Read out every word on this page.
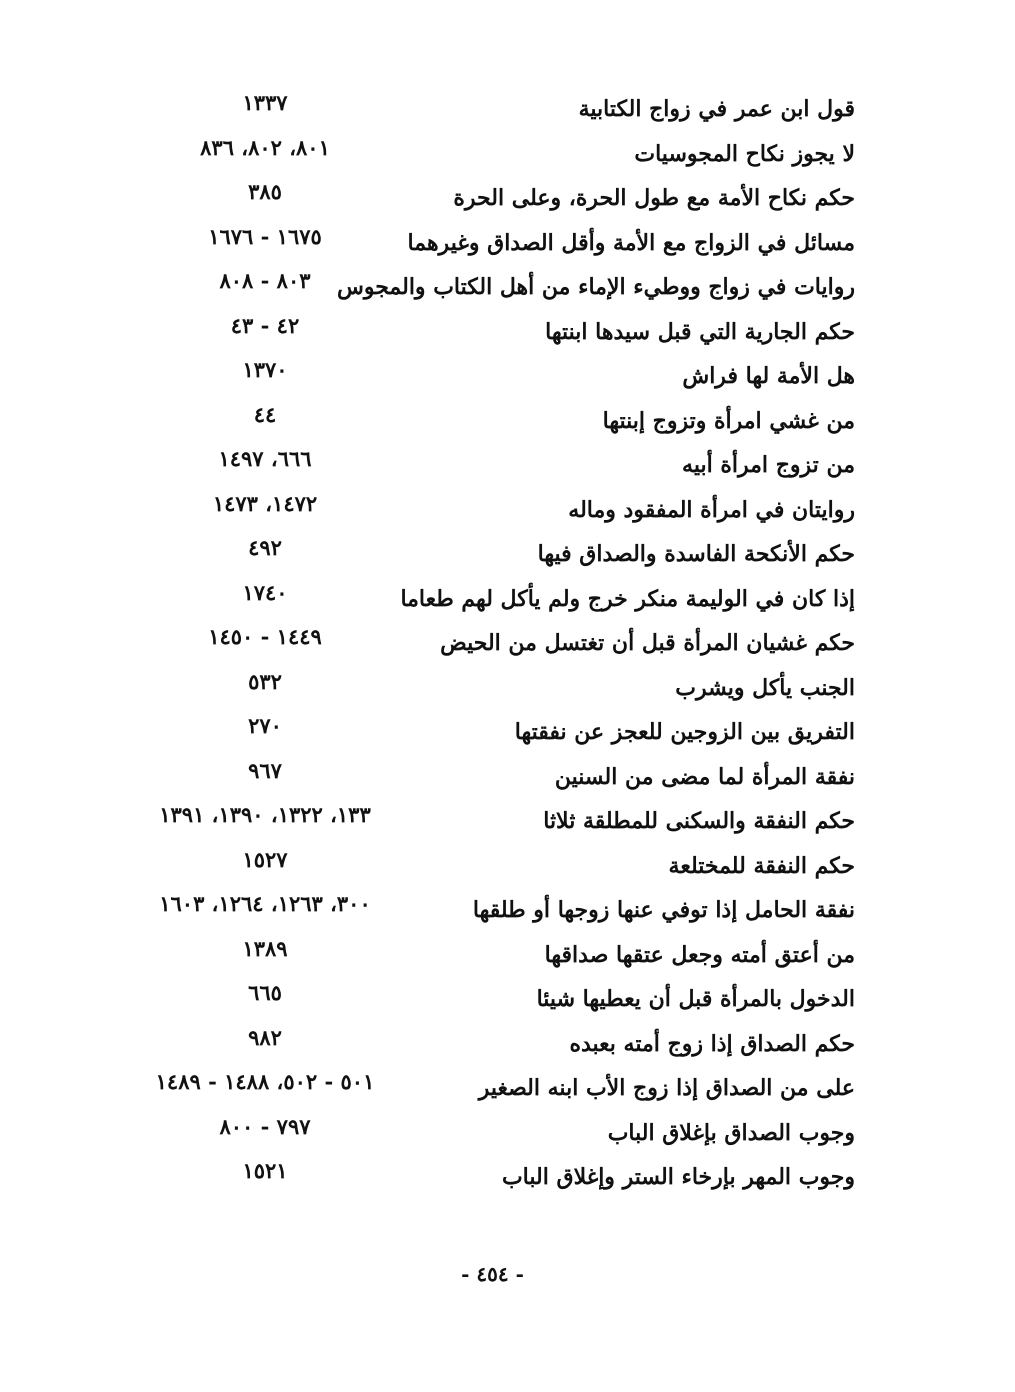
قول ابن عمر في زواج الكتابية
١٣٣٧
لا يجوز نكاح المجوسيات
٨٠١، ٨٠٢، ٨٣٦
حكم نكاح الأمة مع طول الحرة، وعلى الحرة
٣٨٥
مسائل في الزواج مع الأمة وأقل الصداق وغيرهما
١٦٧٥ - ١٦٧٦
روايات في زواج ووطيء الإماء من أهل الكتاب والمجوس
٨٠٣ - ٨٠٨
حكم الجارية التي قبل سيدها ابنتها
٤٢ - ٤٣
هل الأمة لها فراش
١٣٧٠
من غشي امرأة وتزوج إبنتها
٤٤
من تزوج امرأة أبيه
٦٦٦، ١٤٩٧
روايتان في امرأة المفقود وماله
١٤٧٢، ١٤٧٣
حكم الأنكحة الفاسدة والصداق فيها
٤٩٢
إذا كان في الوليمة منكر خرج ولم يأكل لهم طعاما
١٧٤٠
حكم غشيان المرأة قبل أن تغتسل من الحيض
١٤٤٩ - ١٤٥٠
الجنب يأكل ويشرب
٥٣٢
التفريق بين الزوجين للعجز عن نفقتها
٢٧٠
نفقة المرأة لما مضى من السنين
٩٦٧
حكم النفقة والسكنى للمطلقة ثلاثا
١٣٣، ١٣٢٢، ١٣٩٠، ١٣٩١
حكم النفقة للمختلعة
١٥٢٧
نفقة الحامل إذا توفي عنها زوجها أو طلقها
٣٠٠، ١٢٦٣، ١٢٦٤، ١٦٠٣
من أعتق أمته وجعل عتقها صداقها
١٣٨٩
الدخول بالمرأة قبل أن يعطيها شيئا
٦٦٥
حكم الصداق إذا زوج أمته بعبده
٩٨٢
على من الصداق إذا زوج الأب ابنه الصغير
٥٠١ - ٥٠٢، ١٤٨٨ - ١٤٨٩
وجوب الصداق بإغلاق الباب
٧٩٧ - ٨٠٠
وجوب المهر بإرخاء الستر وإغلاق الباب
١٥٢١
- ٤٥٤ -
